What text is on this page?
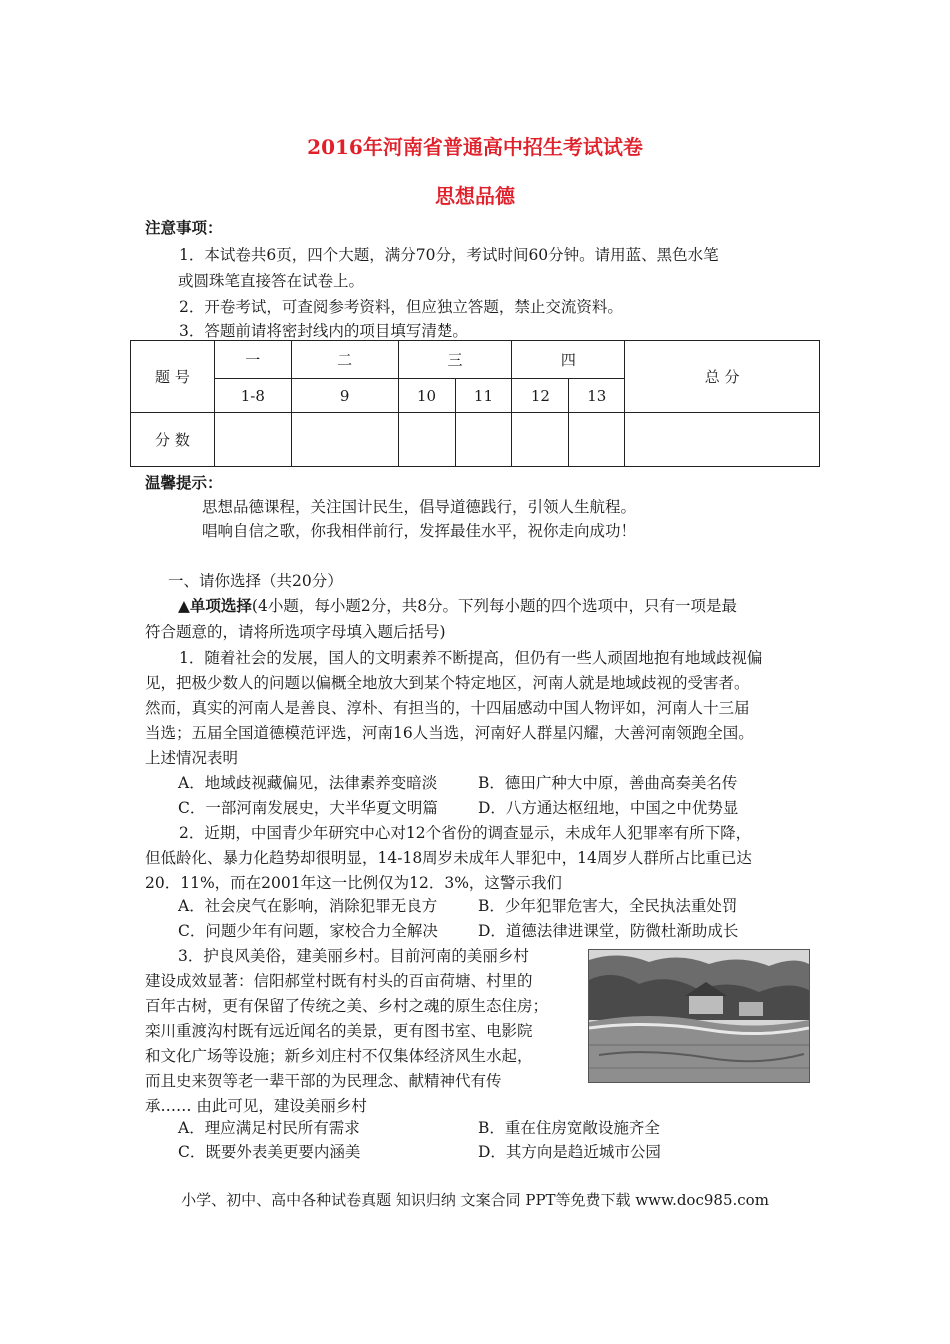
2016年河南省普通高中招生考试试卷
思想品德
注意事项：
1．本试卷共6页，四个大题，满分70分，考试时间60分钟。请用蓝、黑色水笔
或圆珠笔直接答在试卷上。
2．开卷考试，可查阅参考资料，但应独立答题，禁止交流资料。
3．答题前请将密封线内的项目填写清楚。
题 号	一	二	三		四		总 分
	1-8	9	10	11	12	13	
分 数							
温馨提示：
思想品德课程，关注国计民生，倡导道德践行，引领人生航程。
唱响自信之歌，你我相伴前行，发挥最佳水平，祝你走向成功！
一、请你选择（共20分）
▲单项选择(4小题，每小题2分，共8分。下列每小题的四个选项中，只有一项是最
符合题意的，请将所选项字母填入题后括号)
1．随着社会的发展，国人的文明素养不断提高，但仍有一些人顽固地抱有地域歧视偏
见，把极少数人的问题以偏概全地放大到某个特定地区，河南人就是地域歧视的受害者。
然而，真实的河南人是善良、淳朴、有担当的，十四届感动中国人物评如，河南人十三届
当选；五届全国道德模范评选，河南16人当选，河南好人群星闪耀，大善河南领跑全国。
上述情况表明
A．地域歧视藏偏见，法律素养变暗淡	B．德田广种大中原，善曲高奏美名传
C．一部河南发展史，大半华夏文明篇	D．八方通达枢纽地，中国之中优势显
2．近期，中国青少年研究中心对12个省份的调查显示，未成年人犯罪率有所下降，
但低龄化、暴力化趋势却很明显，14-18周岁未成年人罪犯中，14周岁人群所占比重已达
20．11%，而在2001年这一比例仅为12．3%，这警示我们
A．社会戾气在影响，消除犯罪无良方	B．少年犯罪危害大，全民执法重处罚
C．问题少年有问题，家校合力全解决	D．道德法律进课堂，防微杜渐助成长
3．护良风美俗，建美丽乡村。目前河南的美丽乡村
建设成效显著：信阳郝堂村既有村头的百亩荷塘、村里的
百年古树，更有保留了传统之美、乡村之魂的原生态住房；
栾川重渡沟村既有远近闻名的美景，更有图书室、电影院
和文化广场等设施；新乡刘庄村不仅集体经济风生水起，
而且史来贺等老一辈干部的为民理念、献精神代有传
承…… 由此可见，建设美丽乡村
A．理应满足村民所有需求	B．重在住房宽敞设施齐全
C．既要外表美更要内涵美	D．其方向是趋近城市公园
小学、初中、高中各种试卷真题 知识归纳 文案合同 PPT等免费下载 www.doc985.com
